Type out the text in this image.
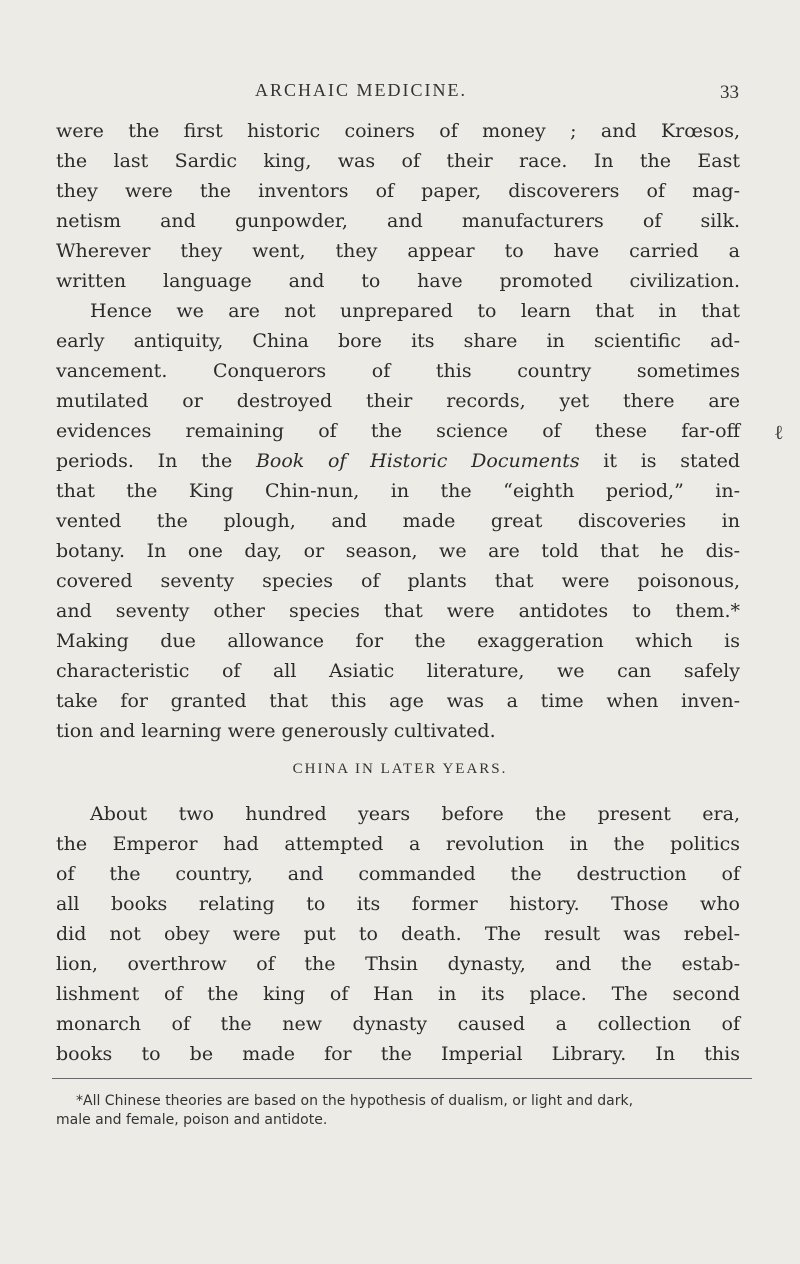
ARCHAIC MEDICINE.	33
were the first historic coiners of money ; and Krœsos,
the last Sardic king, was of their race. In the East
they were the inventors of paper, discoverers of mag-
netism and gunpowder, and manufacturers of silk.
Wherever they went, they appear to have carried a
written language and to have promoted civilization.
Hence we are not unprepared to learn that in that
early antiquity, China bore its share in scientific ad-
vancement. Conquerors of this country sometimes
mutilated or destroyed their records, yet there are
evidences remaining of the science of these far-off
periods. In the Book of Historic Documents it is stated
that the King Chin-nun, in the “eighth period,” in-
vented the plough, and made great discoveries in
botany. In one day, or season, we are told that he dis-
covered seventy species of plants that were poisonous,
and seventy other species that were antidotes to them.*
Making due allowance for the exaggeration which is
characteristic of all Asiatic literature, we can safely
take for granted that this age was a time when inven-
tion and learning were generously cultivated.
CHINA IN LATER YEARS.
About two hundred years before the present era,
the Emperor had attempted a revolution in the politics
of the country, and commanded the destruction of
all books relating to its former history. Those who
did not obey were put to death. The result was rebel-
lion, overthrow of the Thsin dynasty, and the estab-
lishment of the king of Han in its place. The second
monarch of the new dynasty caused a collection of
books to be made for the Imperial Library. In this
*All Chinese theories are based on the hypothesis of dualism, or light and dark,
male and female, poison and antidote.
ℓ
